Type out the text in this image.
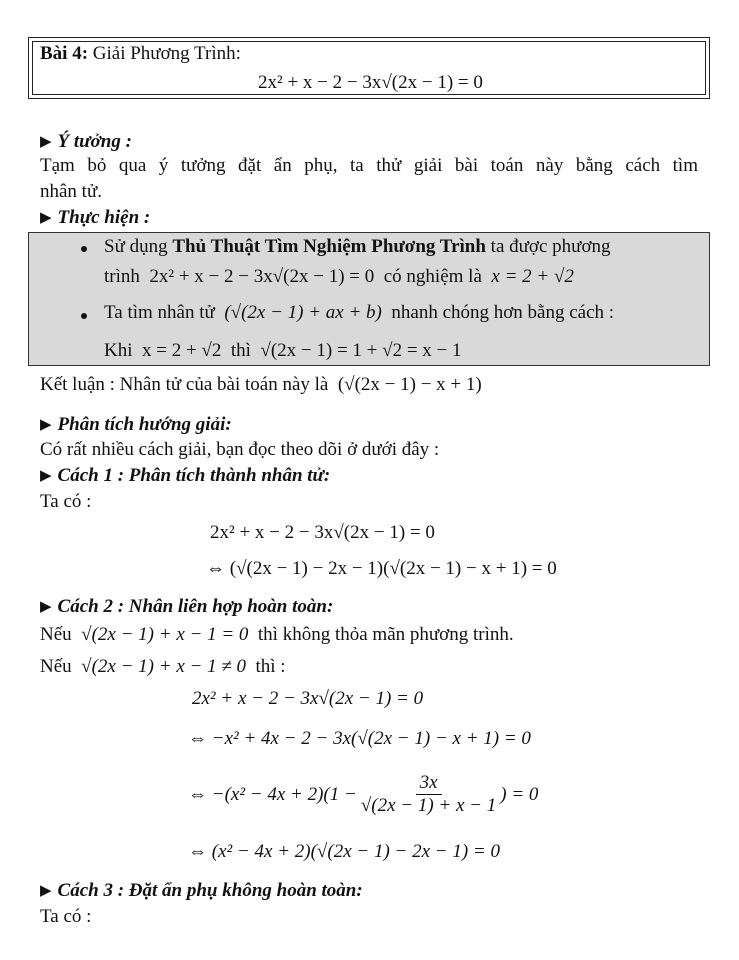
Bài 4: Giải Phương Trình:
2x² + x − 2 − 3x√(2x − 1) = 0
▶ Ý tưởng :
Tạm bỏ qua ý tưởng đặt ẩn phụ, ta thử giải bài toán này bằng cách tìm
nhân tử.
▶ Thực hiện :
Sử dụng Thủ Thuật Tìm Nghiệm Phương Trình ta được phương
trình 2x² + x − 2 − 3x√(2x − 1) = 0 có nghiệm là x = 2 + √2
Ta tìm nhân tử (√(2x − 1) + ax + b) nhanh chóng hơn bằng cách :
Khi x = 2 + √2 thì √(2x − 1) = 1 + √2 = x − 1
Kết luận : Nhân tử của bài toán này là (√(2x − 1) − x + 1)
▶ Phân tích hướng giải:
Có rất nhiều cách giải, bạn đọc theo dõi ở dưới đây :
▶ Cách 1 : Phân tích thành nhân tử:
Ta có :
2x² + x − 2 − 3x√(2x − 1) = 0
⇔ (√(2x − 1) − 2x − 1)(√(2x − 1) − x + 1) = 0
▶ Cách 2 : Nhân liên hợp hoàn toàn:
Nếu √(2x − 1) + x − 1 = 0 thì không thỏa mãn phương trình.
Nếu √(2x − 1) + x − 1 ≠ 0 thì :
2x² + x − 2 − 3x√(2x − 1) = 0
⇔ −x² + 4x − 2 − 3x(√(2x − 1) − x + 1) = 0
⇔ $-(x^2 - 4x + 2)(1 - \frac{3x}{√(2x - 1) + x - 1}$ ) = 0
⇔ (x² − 4x + 2)(√(2x − 1) − 2x − 1) = 0
▶ Cách 3 : Đặt ẩn phụ không hoàn toàn:
Ta có :
